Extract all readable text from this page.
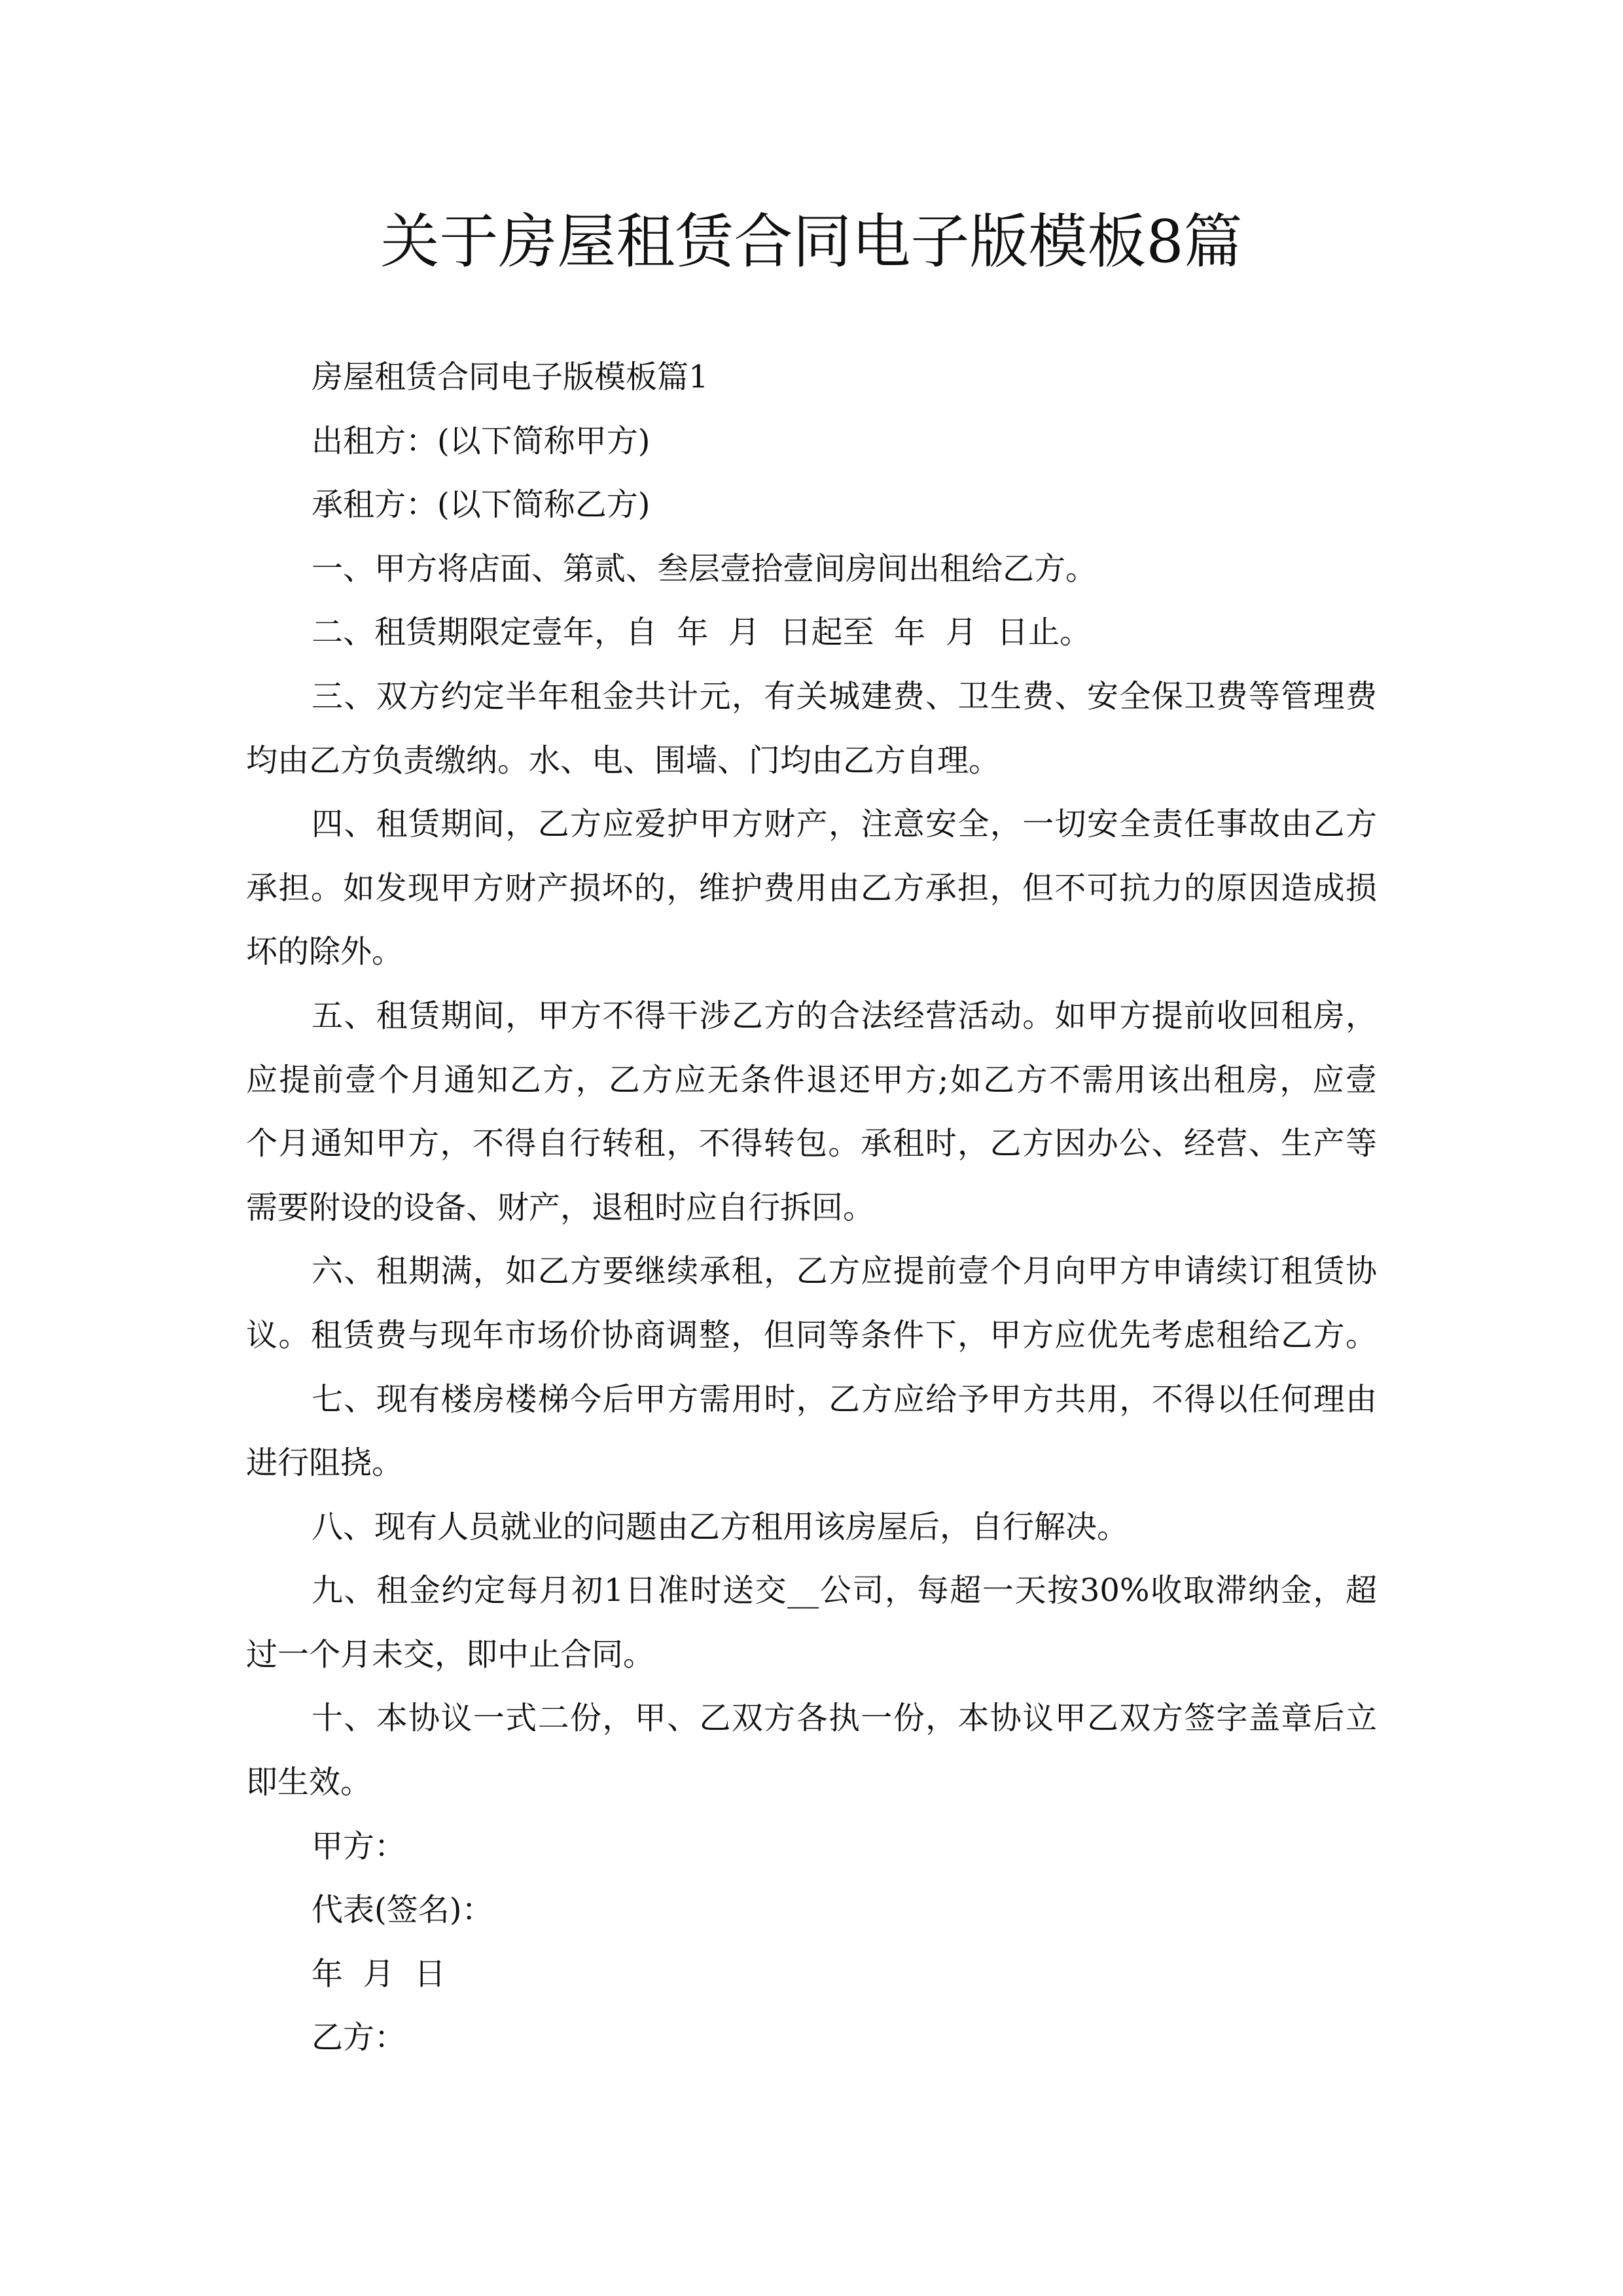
关于房屋租赁合同电子版模板8篇
房屋租赁合同电子版模板篇1
出租方：(以下简称甲方)
承租方：(以下简称乙方)
一、甲方将店面、第贰、叁层壹拾壹间房间出租给乙方。
二、租赁期限定壹年，自  年  月  日起至  年  月  日止。
三、双方约定半年租金共计元，有关城建费、卫生费、安全保卫费等管理费
均由乙方负责缴纳。水、电、围墙、门均由乙方自理。
四、租赁期间，乙方应爱护甲方财产，注意安全，一切安全责任事故由乙方
承担。如发现甲方财产损坏的，维护费用由乙方承担，但不可抗力的原因造成损
坏的除外。
五、租赁期间，甲方不得干涉乙方的合法经营活动。如甲方提前收回租房，
应提前壹个月通知乙方，乙方应无条件退还甲方;如乙方不需用该出租房，应壹
个月通知甲方，不得自行转租，不得转包。承租时，乙方因办公、经营、生产等
需要附设的设备、财产，退租时应自行拆回。
六、租期满，如乙方要继续承租，乙方应提前壹个月向甲方申请续订租赁协
议。租赁费与现年市场价协商调整，但同等条件下，甲方应优先考虑租给乙方。
七、现有楼房楼梯今后甲方需用时，乙方应给予甲方共用，不得以任何理由
进行阻挠。
八、现有人员就业的问题由乙方租用该房屋后，自行解决。
九、租金约定每月初1日准时送交__公司，每超一天按30%收取滞纳金，超
过一个月未交，即中止合同。
十、本协议一式二份，甲、乙双方各执一份，本协议甲乙双方签字盖章后立
即生效。
甲方：
代表(签名)：
年  月  日
乙方：
